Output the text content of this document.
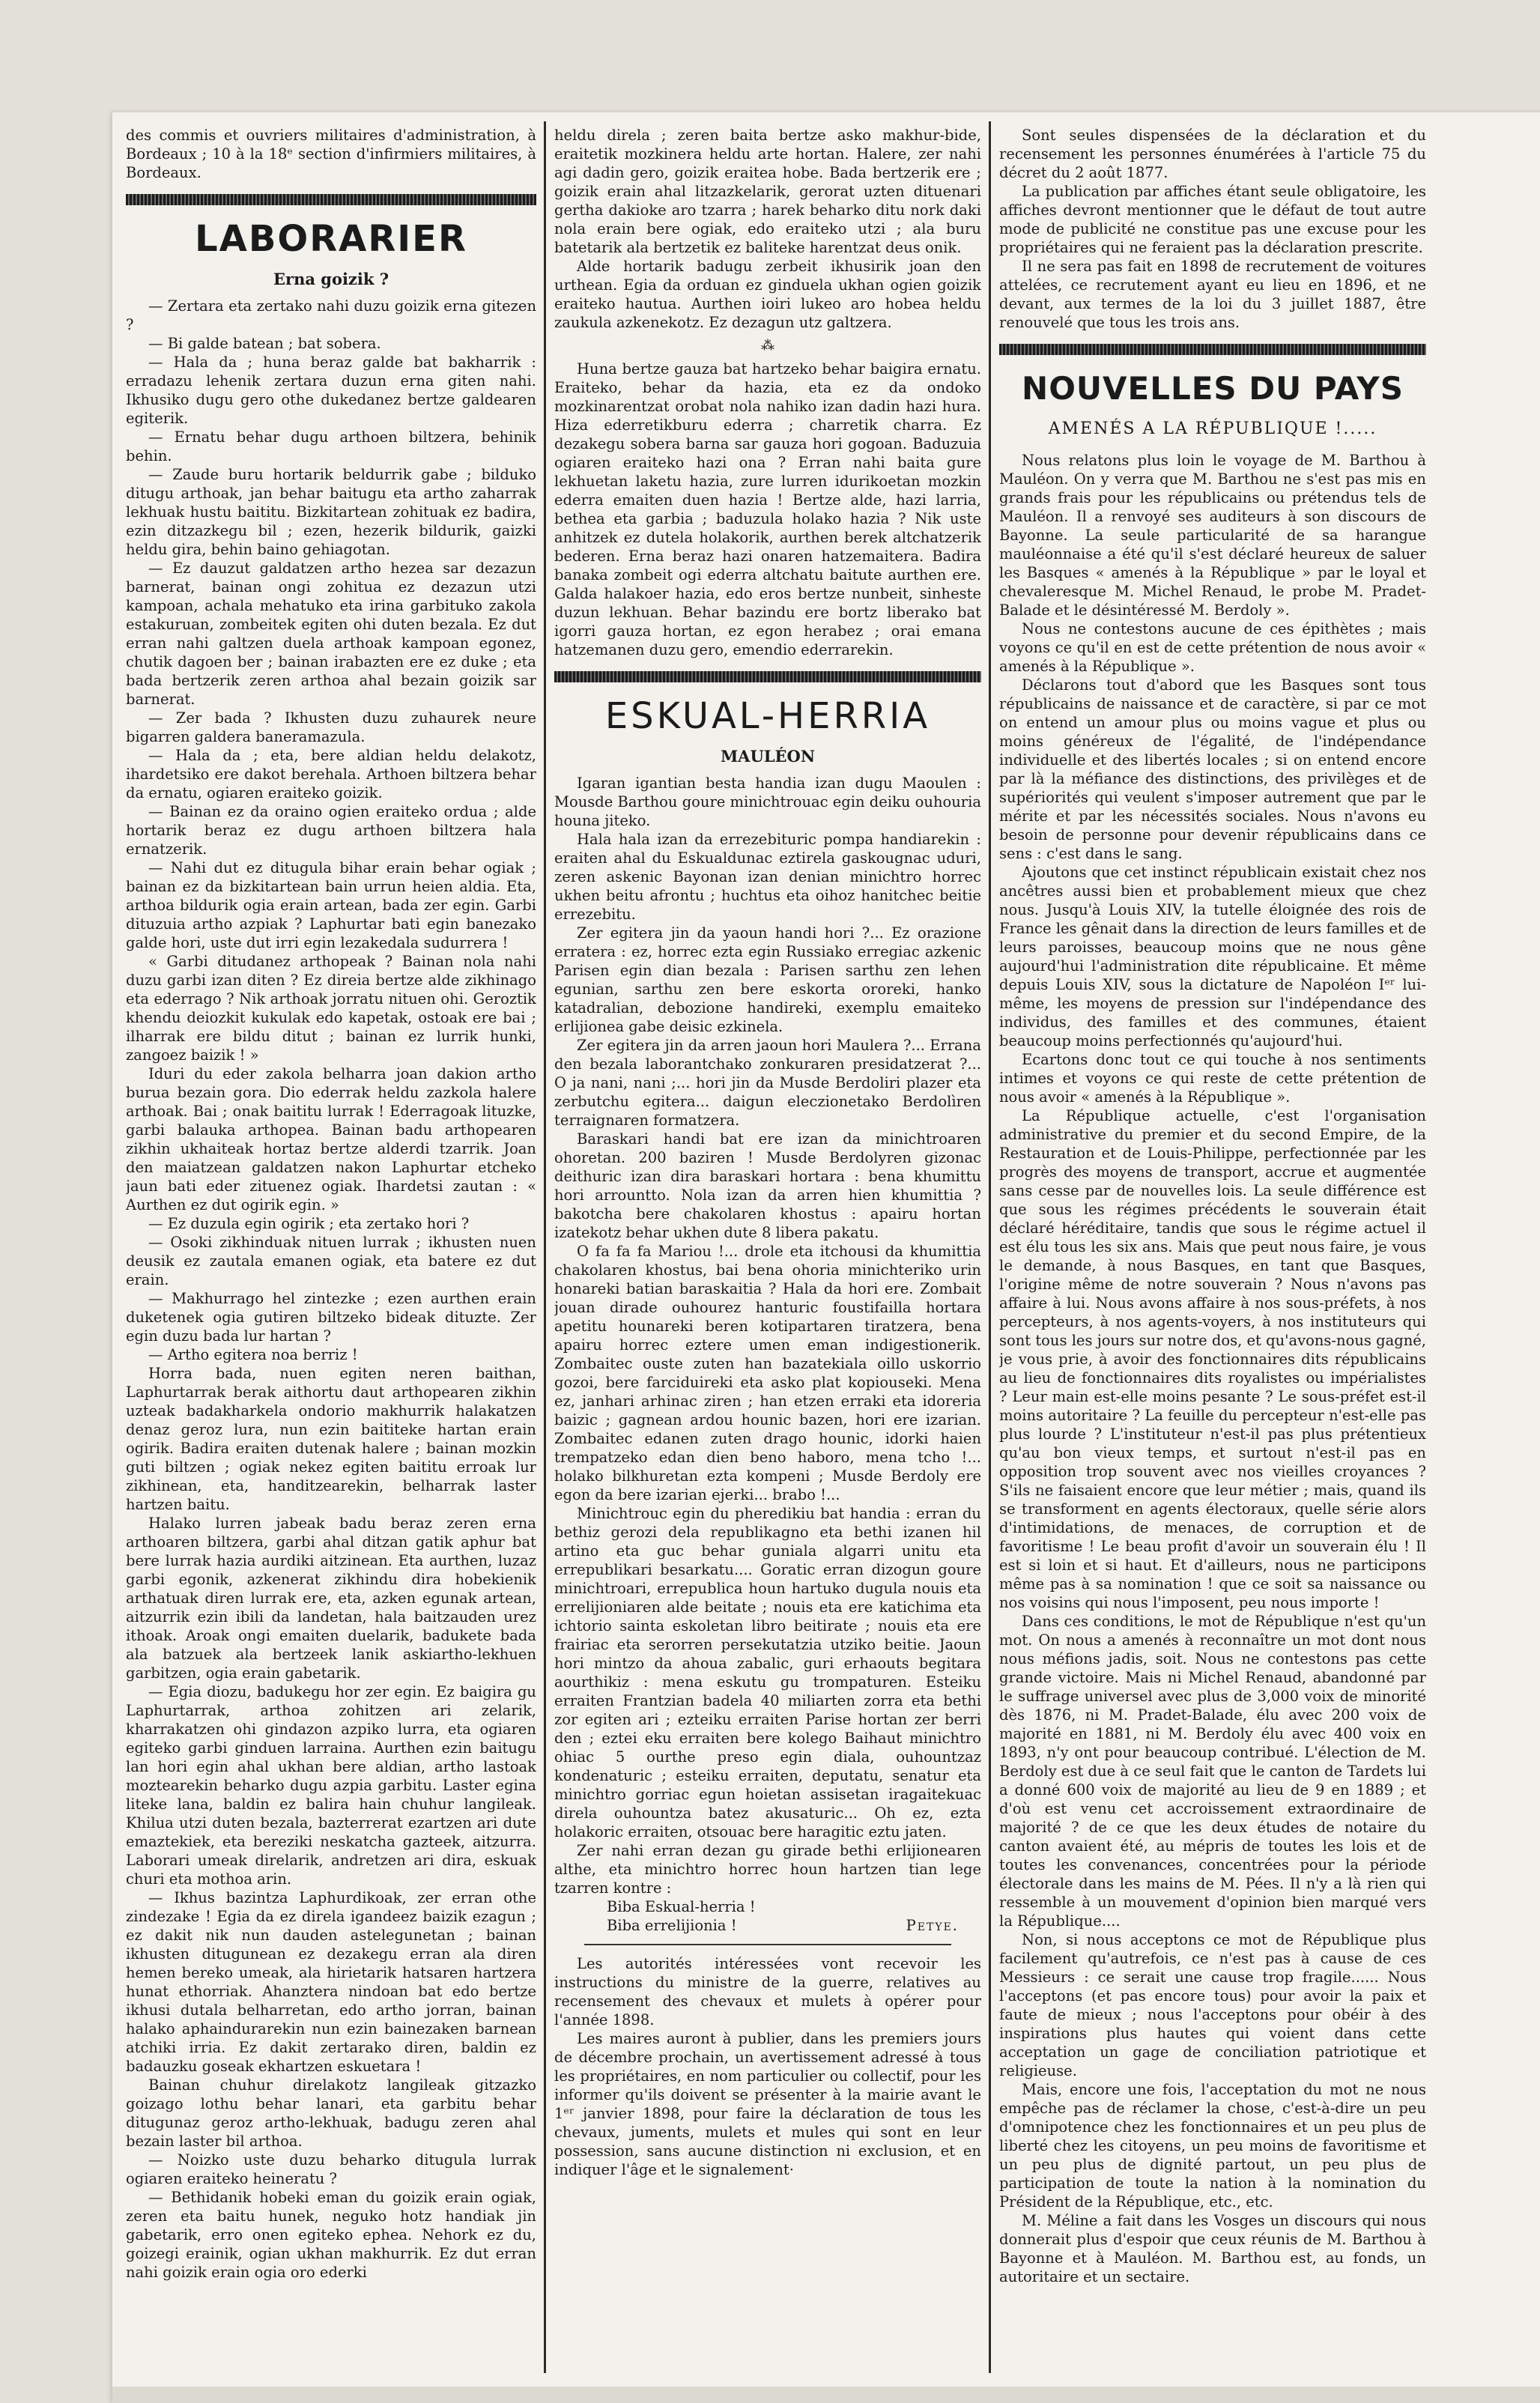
des commis et ouvriers militaires d'administration, à Bordeaux ; 10 à la 18ᵉ section d'infirmiers militaires, à Bordeaux.

LABORARIER
Erna goizik ?

— Zertara eta zertako nahi duzu goizik erna gitezen ?

— Bi galde batean ; bat sobera.

— Hala da ; huna beraz galde bat bakharrik : erradazu lehenik zertara duzun erna giten nahi. Ikhusiko dugu gero othe dukedanez bertze galdearen egiterik.

— Ernatu behar dugu arthoen biltzera, behinik behin.

— Zaude buru hortarik beldurrik gabe ; bilduko ditugu arthoak, jan behar baitugu eta artho zaharrak lekhuak hustu baititu. Bizkitartean zohituak ez badira, ezin ditzazkegu bil ; ezen, hezerik bildurik, gaizki heldu gira, behin baino gehiagotan.

— Ez dauzut galdatzen artho hezea sar dezazun barnerat, bainan ongi zohitua ez dezazun utzi kampoan, achala mehatuko eta irina garbituko zakola estakuruan, zombeitek egiten ohi duten bezala. Ez dut erran nahi galtzen duela arthoak kampoan egonez, chutik dagoen ber ; bainan irabazten ere ez duke ; eta bada bertzerik zeren arthoa ahal bezain goizik sar barnerat.

— Zer bada ? Ikhusten duzu zuhaurek neure bigarren galdera baneramazula.

— Hala da ; eta, bere aldian heldu delakotz, ihardetsiko ere dakot berehala. Arthoen biltzera behar da ernatu, ogiaren eraiteko goizik.

— Bainan ez da oraino ogien eraiteko ordua ; alde hortarik beraz ez dugu arthoen biltzera hala ernatzerik.

— Nahi dut ez ditugula bihar erain behar ogiak ; bainan ez da bizkitartean bain urrun heien aldia. Eta, arthoa bildurik ogia erain artean, bada zer egin. Garbi dituzuia artho azpiak ? Laphurtar bati egin banezako galde hori, uste dut irri egin lezakedala sudurrera !

« Garbi ditudanez arthopeak ? Bainan nola nahi duzu garbi izan diten ? Ez direia bertze alde zikhinago eta ederrago ? Nik arthoak jorratu nituen ohi. Geroztik khendu deiozkit kukulak edo kapetak, ostoak ere bai ; ilharrak ere bildu ditut ; bainan ez lurrik hunki, zangoez baizik ! »

Iduri du eder zakola belharra joan dakion artho burua bezain gora. Dio ederrak heldu zazkola halere arthoak. Bai ; onak baititu lurrak ! Ederragoak lituzke, garbi balauka arthopea. Bainan badu arthopearen zikhin ukhaiteak hortaz bertze alderdi tzarrik. Joan den maiatzean galdatzen nakon Laphurtar etcheko jaun bati eder zituenez ogiak. Ihardetsi zautan : « Aurthen ez dut ogirik egin. »

— Ez duzula egin ogirik ; eta zertako hori ?

— Osoki zikhinduak nituen lurrak ; ikhusten nuen deusik ez zautala emanen ogiak, eta batere ez dut erain.

— Makhurrago hel zintezke ; ezen aurthen erain duketenek ogia gutiren biltzeko bideak dituzte. Zer egin duzu bada lur hartan ?

— Artho egitera noa berriz !

Horra bada, nuen egiten neren baithan, Laphurtarrak berak aithortu daut arthopearen zikhin uzteak badakharkela ondorio makhurrik halakatzen denaz geroz lura, nun ezin baititeke hartan erain ogirik. Badira eraiten dutenak halere ; bainan mozkin guti biltzen ; ogiak nekez egiten baititu erroak lur zikhinean, eta, handitzearekin, belharrak laster hartzen baitu.

Halako lurren jabeak badu beraz zeren erna arthoaren biltzera, garbi ahal ditzan gatik aphur bat bere lurrak hazia aurdiki aitzinean. Eta aurthen, luzaz garbi egonik, azkenerat zikhindu dira hobekienik arthatuak diren lurrak ere, eta, azken egunak artean, aitzurrik ezin ibili da landetan, hala baitzauden urez ithoak. Aroak ongi emaiten duelarik, badukete bada ala batzuek ala bertzeek lanik askiartho-lekhuen garbitzen, ogia erain gabetarik.

— Egia diozu, badukegu hor zer egin. Ez baigira gu Laphurtarrak, arthoa zohitzen ari zelarik, kharrakatzen ohi gindazon azpiko lurra, eta ogiaren egiteko garbi ginduen larraina. Aurthen ezin baitugu lan hori egin ahal ukhan bere aldian, artho lastoak moztearekin beharko dugu azpia garbitu. Laster egina liteke lana, baldin ez balira hain chuhur langileak. Khilua utzi duten bezala, bazterrerat ezartzen ari dute emaztekiek, eta bereziki neskatcha gazteek, aitzurra. Laborari umeak direlarik, andretzen ari dira, eskuak churi eta mothoa arin.

— Ikhus bazintza Laphurdikoak, zer erran othe zindezake ! Egia da ez direla igandeez baizik ezagun ; ez dakit nik nun dauden astelegunetan ; bainan ikhusten ditugunean ez dezakegu erran ala diren hemen bereko umeak, ala hirietarik hatsaren hartzera hunat ethorriak. Ahanztera nindoan bat edo bertze ikhusi dutala belharretan, edo artho jorran, bainan halako aphaindurarekin nun ezin bainezaken barnean atchiki irria. Ez dakit zertarako diren, baldin ez badauzku goseak ekhartzen eskuetara !

Bainan chuhur direlakotz langileak gitzazko goizago lothu behar lanari, eta garbitu behar ditugunaz geroz artho-lekhuak, badugu zeren ahal bezain laster bil arthoa.

— Noizko uste duzu beharko ditugula lurrak ogiaren eraiteko heineratu ?

— Bethidanik hobeki eman du goizik erain ogiak, zeren eta baitu hunek, neguko hotz handiak jin gabetarik, erro onen egiteko ephea. Nehork ez du, goizegi erainik, ogian ukhan makhurrik. Ez dut erran nahi goizik erain ogia oro ederki

heldu direla ; zeren baita bertze asko makhur-bide, eraitetik mozkinera heldu arte hortan. Halere, zer nahi agi dadin gero, goizik eraitea hobe. Bada bertzerik ere ; goizik erain ahal litzazkelarik, gerorat uzten dituenari gertha dakioke aro tzarra ; harek beharko ditu nork daki nola erain bere ogiak, edo eraiteko utzi ; ala buru batetarik ala bertzetik ez baliteke harentzat deus onik.

Alde hortarik badugu zerbeit ikhusirik joan den urthean. Egia da orduan ez ginduela ukhan ogien goizik eraiteko hautua. Aurthen ioiri lukeo aro hobea heldu zaukula azkenekotz. Ez dezagun utz galtzera.

⁂

Huna bertze gauza bat hartzeko behar baigira ernatu. Eraiteko, behar da hazia, eta ez da ondoko mozkinarentzat orobat nola nahiko izan dadin hazi hura. Hiza ederretikburu ederra ; charretik charra. Ez dezakegu sobera barna sar gauza hori gogoan. Baduzuia ogiaren eraiteko hazi ona ? Erran nahi baita gure lekhuetan laketu hazia, zure lurren idurikoetan mozkin ederra emaiten duen hazia ! Bertze alde, hazi larria, bethea eta garbia ; baduzula holako hazia ? Nik uste anhitzek ez dutela holakorik, aurthen berek altchatzerik bederen. Erna beraz hazi onaren hatzemaitera. Badira banaka zombeit ogi ederra altchatu baitute aurthen ere. Galda halakoer hazia, edo eros bertze nunbeit, sinheste duzun lekhuan. Behar bazindu ere bortz liberako bat igorri gauza hortan, ez egon herabez ; orai emana hatzemanen duzu gero, emendio ederrarekin.

ESKUAL-HERRIA
MAULÉON

Igaran igantian besta handia izan dugu Maoulen : Mousde Barthou goure minichtrouac egin deiku ouhouria houna jiteko.

Hala hala izan da errezebituric pompa handiarekin : eraiten ahal du Eskualdunac eztirela gaskougnac uduri, zeren askenic Bayonan izan denian minichtro horrec ukhen beitu afrontu ; huchtus eta oihoz hanitchec beitie errezebitu.

Zer egitera jin da yaoun handi hori ?... Ez orazione erratera : ez, horrec ezta egin Russiako erregiac azkenic Parisen egin dian bezala : Parisen sarthu zen lehen egunian, sarthu zen bere eskorta ororeki, hanko katadralian, debozione handireki, exemplu emaiteko erlijionea gabe deisic ezkinela.

Zer egitera jin da arren jaoun hori Maulera ?... Errana den bezala laborantchako zonkuraren presidatzerat ?... O ja nani, nani ;... hori jin da Musde Berdoliri plazer eta zerbutchu egitera... daigun eleczionetako Berdolìren terraignaren formatzera.

Baraskari handi bat ere izan da minichtroaren ohoretan. 200 baziren ! Musde Berdolyren gizonac deithuric izan dira baraskari hortara : bena khumittu hori arrountto. Nola izan da arren hien khumittia ? bakotcha bere chakolaren khostus : apairu hortan izatekotz behar ukhen dute 8 libera pakatu.

O fa fa fa Mariou !... drole eta itchousi da khumittia chakolaren khostus, bai bena ohoria minichteriko urin honareki batian baraskaitia ? Hala da hori ere. Zombait jouan dirade ouhourez hanturic foustifailla hortara apetitu hounareki beren kotipartaren tiratzera, bena apairu horrec eztere umen eman indigestionerik. Zombaitec ouste zuten han bazatekiala oillo uskorrio gozoi, bere farciduireki eta asko plat kopiouseki. Mena ez, janhari arhinac ziren ; han etzen erraki eta idoreria baizic ; gagnean ardou hounic bazen, hori ere izarian. Zombaitec edanen zuten drago hounic, idorki haien trempatzeko edan dien beno haboro, mena tcho !... holako bilkhuretan ezta kompeni ; Musde Berdoly ere egon da bere izarian ejerki... brabo !...

Minichtrouc egin du pheredikiu bat handia : erran du bethiz gerozi dela republikagno eta bethi izanen hil artino eta guc behar guniala algarri unitu eta errepublikari besarkatu.... Goratic erran dizogun goure minichtroari, errepublica houn hartuko dugula nouis eta errelijioniaren alde beitate ; nouis eta ere katichima eta ichtorio sainta eskoletan libro beitirate ; nouis eta ere frairiac eta serorren persekutatzia utziko beitie. Jaoun hori mintzo da ahoua zabalic, guri erhaouts begitara aourthikiz : mena eskutu gu trompaturen. Esteiku erraiten Frantzian badela 40 miliarten zorra eta bethi zor egiten ari ; ezteiku erraiten Parise hortan zer berri den ; eztei eku erraiten bere kolego Baihaut minichtro ohiac 5 ourthe preso egin diala, ouhountzaz kondenaturic ; esteiku erraiten, deputatu, senatur eta minichtro gorriac egun hoietan assisetan iragaitekuac direla ouhountza batez akusaturic... Oh ez, ezta holakoric erraiten, otsouac bere haragitic eztu jaten.

Zer nahi erran dezan gu girade bethi erlijionearen althe, eta minichtro horrec houn hartzen tian lege tzarren kontre :

Biba Eskual-herria !
Biba errelijionia !	Petye.

Les autorités intéressées vont recevoir les instructions du ministre de la guerre, relatives au recensement des chevaux et mulets à opérer pour l'année 1898.

Les maires auront à publier, dans les premiers jours de décembre prochain, un avertissement adressé à tous les propriétaires, en nom particulier ou collectif, pour les informer qu'ils doivent se présenter à la mairie avant le 1ᵉʳ janvier 1898, pour faire la déclaration de tous les chevaux, juments, mulets et mules qui sont en leur possession, sans aucune distinction ni exclusion, et en indiquer l'âge et le signalement·

Sont seules dispensées de la déclaration et du recensement les personnes énumérées à l'article 75 du décret du 2 août 1877.

La publication par affiches étant seule obligatoire, les affiches devront mentionner que le défaut de tout autre mode de publicité ne constitue pas une excuse pour les propriétaires qui ne feraient pas la déclaration prescrite.

Il ne sera pas fait en 1898 de recrutement de voitures attelées, ce recrutement ayant eu lieu en 1896, et ne devant, aux termes de la loi du 3 juillet 1887, être renouvelé que tous les trois ans.

NOUVELLES DU PAYS
AMENÉS A LA RÉPUBLIQUE !.....

Nous relatons plus loin le voyage de M. Barthou à Mauléon. On y verra que M. Barthou ne s'est pas mis en grands frais pour les républicains ou prétendus tels de Mauléon. Il a renvoyé ses auditeurs à son discours de Bayonne. La seule particularité de sa harangue mauléonnaise a été qu'il s'est déclaré heureux de saluer les Basques « amenés à la République » par le loyal et chevaleresque M. Michel Renaud, le probe M. Pradet-Balade et le désintéressé M. Berdoly ».

Nous ne contestons aucune de ces épithètes ; mais voyons ce qu'il en est de cette prétention de nous avoir « amenés à la République ».

Déclarons tout d'abord que les Basques sont tous républicains de naissance et de caractère, si par ce mot on entend un amour plus ou moins vague et plus ou moins généreux de l'égalité, de l'indépendance individuelle et des libertés locales ; si on entend encore par là la méfiance des distinctions, des privilèges et de supériorités qui veulent s'imposer autrement que par le mérite et par les nécessités sociales. Nous n'avons eu besoin de personne pour devenir républicains dans ce sens : c'est dans le sang.

Ajoutons que cet instinct républicain existait chez nos ancêtres aussi bien et probablement mieux que chez nous. Jusqu'à Louis XIV, la tutelle éloignée des rois de France les gênait dans la direction de leurs familles et de leurs paroisses, beaucoup moins que ne nous gêne aujourd'hui l'administration dite républicaine. Et même depuis Louis XIV, sous la dictature de Napoléon Iᵉʳ lui-même, les moyens de pression sur l'indépendance des individus, des familles et des communes, étaient beaucoup moins perfectionnés qu'aujourd'hui.

Ecartons donc tout ce qui touche à nos sentiments intimes et voyons ce qui reste de cette prétention de nous avoir « amenés à la République ».

La République actuelle, c'est l'organisation administrative du premier et du second Empire, de la Restauration et de Louis-Philippe, perfectionnée par les progrès des moyens de transport, accrue et augmentée sans cesse par de nouvelles lois. La seule différence est que sous les régimes précédents le souverain était déclaré héréditaire, tandis que sous le régime actuel il est élu tous les six ans. Mais que peut nous faire, je vous le demande, à nous Basques, en tant que Basques, l'origine même de notre souverain ? Nous n'avons pas affaire à lui. Nous avons affaire à nos sous-préfets, à nos percepteurs, à nos agents-voyers, à nos instituteurs qui sont tous les jours sur notre dos, et qu'avons-nous gagné, je vous prie, à avoir des fonctionnaires dits républicains au lieu de fonctionnaires dits royalistes ou impérialistes ? Leur main est-elle moins pesante ? Le sous-préfet est-il moins autoritaire ? La feuille du percepteur n'est-elle pas plus lourde ? L'instituteur n'est-il pas plus prétentieux qu'au bon vieux temps, et surtout n'est-il pas en opposition trop souvent avec nos vieilles croyances ? S'ils ne faisaient encore que leur métier ; mais, quand ils se transforment en agents électoraux, quelle série alors d'intimidations, de menaces, de corruption et de favoritisme ! Le beau profit d'avoir un souverain élu ! Il est si loin et si haut. Et d'ailleurs, nous ne participons même pas à sa nomination ! que ce soit sa naissance ou nos voisins qui nous l'imposent, peu nous importe !

Dans ces conditions, le mot de République n'est qu'un mot. On nous a amenés à reconnaître un mot dont nous nous méfions jadis, soit. Nous ne contestons pas cette grande victoire. Mais ni Michel Renaud, abandonné par le suffrage universel avec plus de 3,000 voix de minorité dès 1876, ni M. Pradet-Balade, élu avec 200 voix de majorité en 1881, ni M. Berdoly élu avec 400 voix en 1893, n'y ont pour beaucoup contribué. L'élection de M. Berdoly est due à ce seul fait que le canton de Tardets lui a donné 600 voix de majorité au lieu de 9 en 1889 ; et d'où est venu cet accroissement extraordinaire de majorité ? de ce que les deux études de notaire du canton avaient été, au mépris de toutes les lois et de toutes les convenances, concentrées pour la période électorale dans les mains de M. Pées. Il n'y a là rien qui ressemble à un mouvement d'opinion bien marqué vers la République....

Non, si nous acceptons ce mot de République plus facilement qu'autrefois, ce n'est pas à cause de ces Messieurs : ce serait une cause trop fragile...... Nous l'acceptons (et pas encore tous) pour avoir la paix et faute de mieux ; nous l'acceptons pour obéir à des inspirations plus hautes qui voient dans cette acceptation un gage de conciliation patriotique et religieuse.

Mais, encore une fois, l'acceptation du mot ne nous empêche pas de réclamer la chose, c'est-à-dire un peu d'omnipotence chez les fonctionnaires et un peu plus de liberté chez les citoyens, un peu moins de favoritisme et un peu plus de dignité partout, un peu plus de participation de toute la nation à la nomination du Président de la République, etc., etc.

M. Méline a fait dans les Vosges un discours qui nous donnerait plus d'espoir que ceux réunis de M. Barthou à Bayonne et à Mauléon. M. Barthou est, au fonds, un autoritaire et un sectaire.
